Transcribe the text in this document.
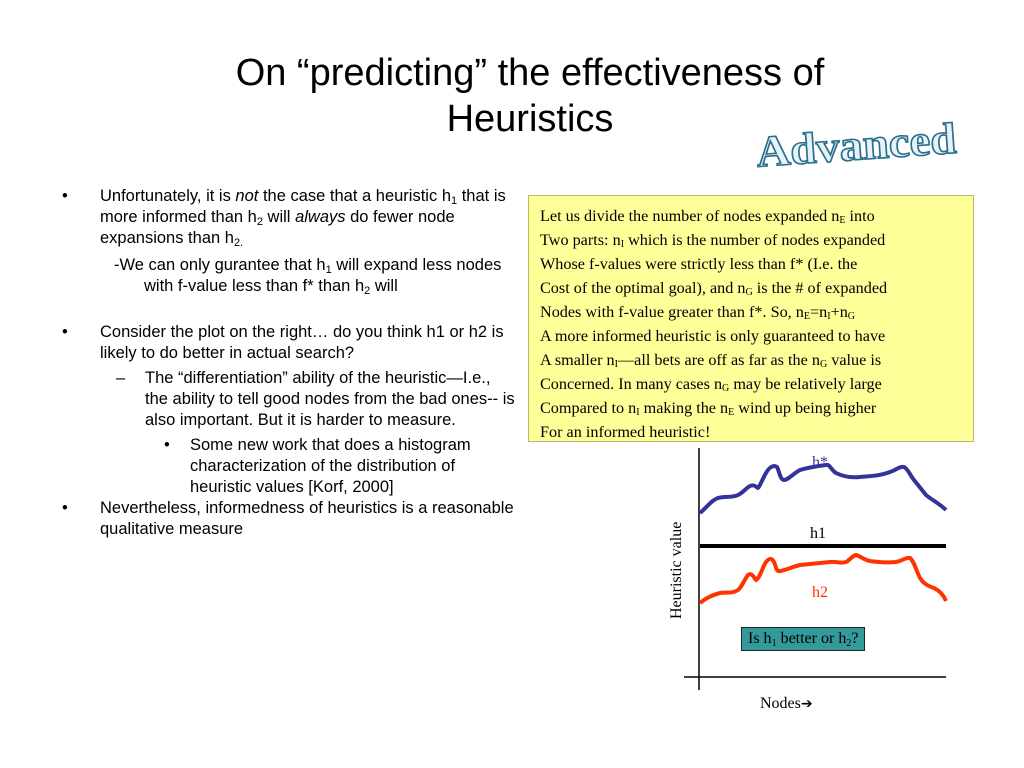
On “predicting” the effectiveness of
Heuristics	Advanced
• Unfortunately, it is not the case that a heuristic $h_1$ that is more informed than $h_2$ will always do fewer node expansions than $h_{2.}$
-We can only gurantee that $h_1$ will expand less nodes with f-value less than f* than $h_2$ will
• Consider the plot on the right… do you think h1 or h2 is likely to do better in actual search?
– The “differentiation” ability of the heuristic—I.e., the ability to tell good nodes from the bad ones-- is also important. But it is harder to measure.
• Some new work that does a histogram characterization of the distribution of heuristic values [Korf, 2000]
• Nevertheless, informedness of heuristics is a reasonable qualitative measure
Let us divide the number of nodes expanded $n_E$ into
Two parts: $n_I$ which is the number of nodes expanded
Whose f-values were strictly less than f* (I.e. the
Cost of the optimal goal), and $n_G$ is the # of expanded
Nodes with f-value greater than f*. So, $n_E=n_I+n_G$
A more informed heuristic is only guaranteed to have
A smaller $n_I—all$ bets are off as far as the $n_G$ value is
Concerned. In many cases $n_G$ may be relatively large
Compared to $n_I$ making the $n_E$ wind up being higher
For an informed heuristic!
Heuristic value
Nodes➔
h*
h1
h2
Is $h_1$ better or $h_2$?
